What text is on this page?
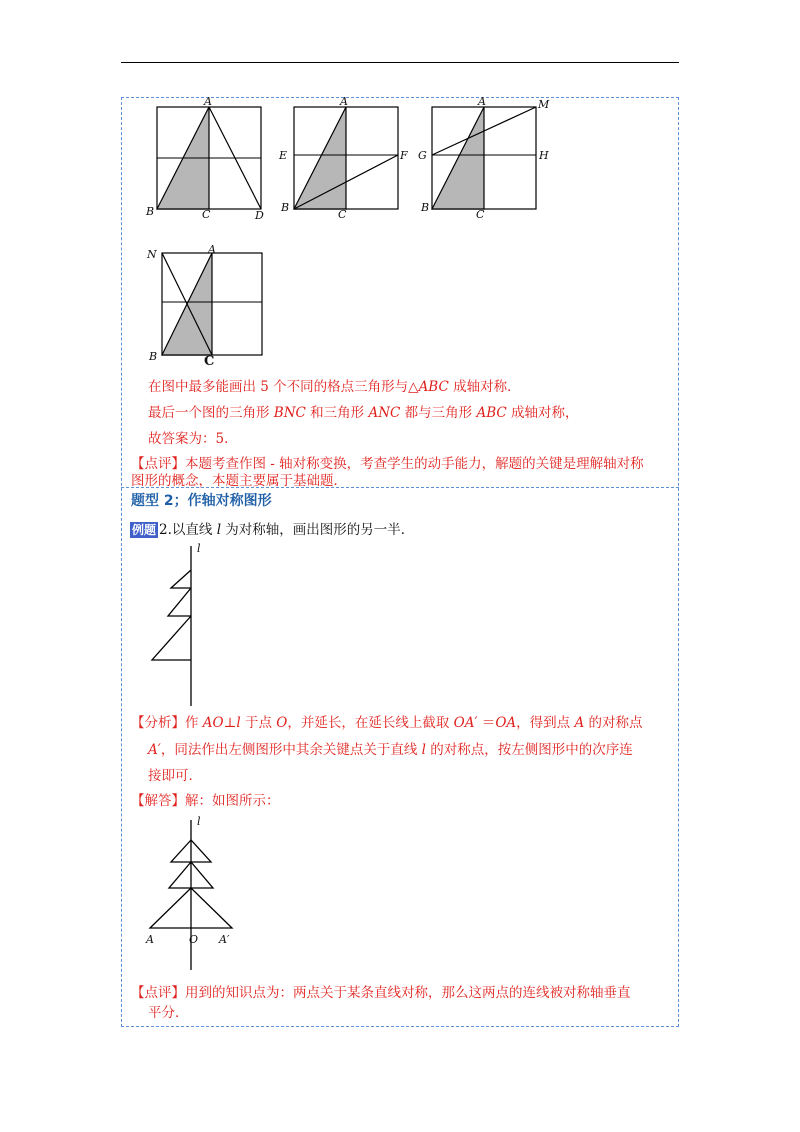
A
B	C	D
A
B
C
E	F
A
B
C
G	H
M
A
N
B	C
在图中最多能画出 5 个不同的格点三角形与△ABC 成轴对称．
最后一个图的三角形 BNC 和三角形 ANC 都与三角形 ABC 成轴对称，
故答案为：5．
【点评】本题考查作图 - 轴对称变换，考查学生的动手能力，解题的关键是理解轴对称
图形的概念，本题主要属于基础题．
题型 2；作轴对称图形
例题 2.以直线 l 为对称轴，画出图形的另一半．
l
【分析】作 AO⊥l 于点 O，并延长，在延长线上截取 OA′ ＝OA，得到点 A 的对称点
A′，同法作出左侧图形中其余关键点关于直线 l 的对称点，按左侧图形中的次序连
接即可．
【解答】解：如图所示：
l
A	O A′
【点评】用到的知识点为：两点关于某条直线对称，那么这两点的连线被对称轴垂直
平分．
